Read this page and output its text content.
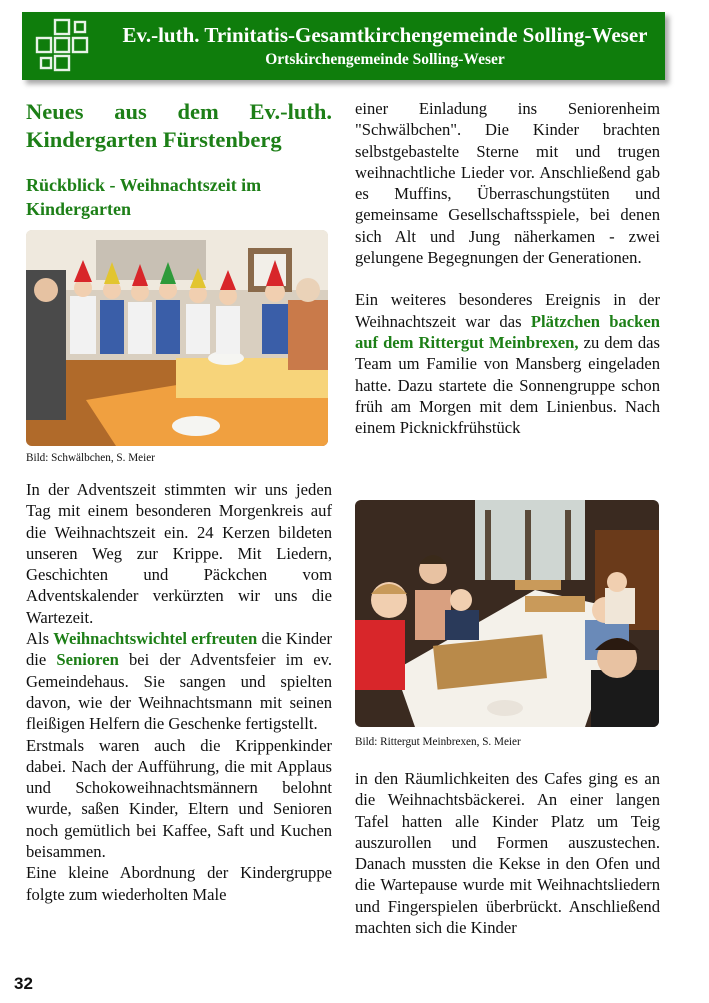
Ev.-luth. Trinitatis-Gesamtkirchengemeinde Solling-Weser
Ortskirchengemeinde Solling-Weser
Neues aus dem Ev.-luth. Kindergarten Fürstenberg
Rückblick - Weihnachtszeit im Kindergarten
Bild: Schwälbchen, S. Meier

In der Adventszeit stimmten wir uns jeden Tag mit einem besonderen Morgenkreis auf die Weihnachtszeit ein. 24 Kerzen bildeten unseren Weg zur Krippe. Mit Liedern, Geschichten und Päckchen vom Adventskalender verkürzten wir uns die Wartezeit.

Als Weihnachtswichtel erfreuten die Kinder die Senioren bei der Adventsfeier im ev. Gemeindehaus. Sie sangen und spielten davon, wie der Weihnachtsmann mit seinen fleißigen Helfern die Geschenke fertigstellt.

Erstmals waren auch die Krippenkinder dabei. Nach der Aufführung, die mit Applaus und Schokoweihnachtsmännern belohnt wurde, saßen Kinder, Eltern und Senioren noch gemütlich bei Kaffee, Saft und Kuchen beisammen.

Eine kleine Abordnung der Kindergruppe folgte zum wiederholten Male

einer Einladung ins Seniorenheim "Schwälbchen". Die Kinder brachten selbstgebastelte Sterne mit und trugen weihnachtliche Lieder vor. Anschließend gab es Muffins, Überraschungstüten und gemeinsame Gesellschaftsspiele, bei denen sich Alt und Jung näherkamen - zwei gelungene Begegnungen der Generationen.

Ein weiteres besonderes Ereignis in der Weihnachtszeit war das Plätzchen backen auf dem Rittergut Meinbrexen, zu dem das Team um Familie von Mansberg eingeladen hatte. Dazu startete die Sonnengruppe schon früh am Morgen mit dem Linienbus. Nach einem Picknickfrühstück

Bild: Rittergut Meinbrexen, S. Meier

in den Räumlichkeiten des Cafes ging es an die Weihnachtsbäckerei. An einer langen Tafel hatten alle Kinder Platz um Teig auszurollen und Formen auszustechen. Danach mussten die Kekse in den Ofen und die Wartepause wurde mit Weihnachtsliedern und Fingerspielen überbrückt. Anschließend machten sich die Kinder

32
